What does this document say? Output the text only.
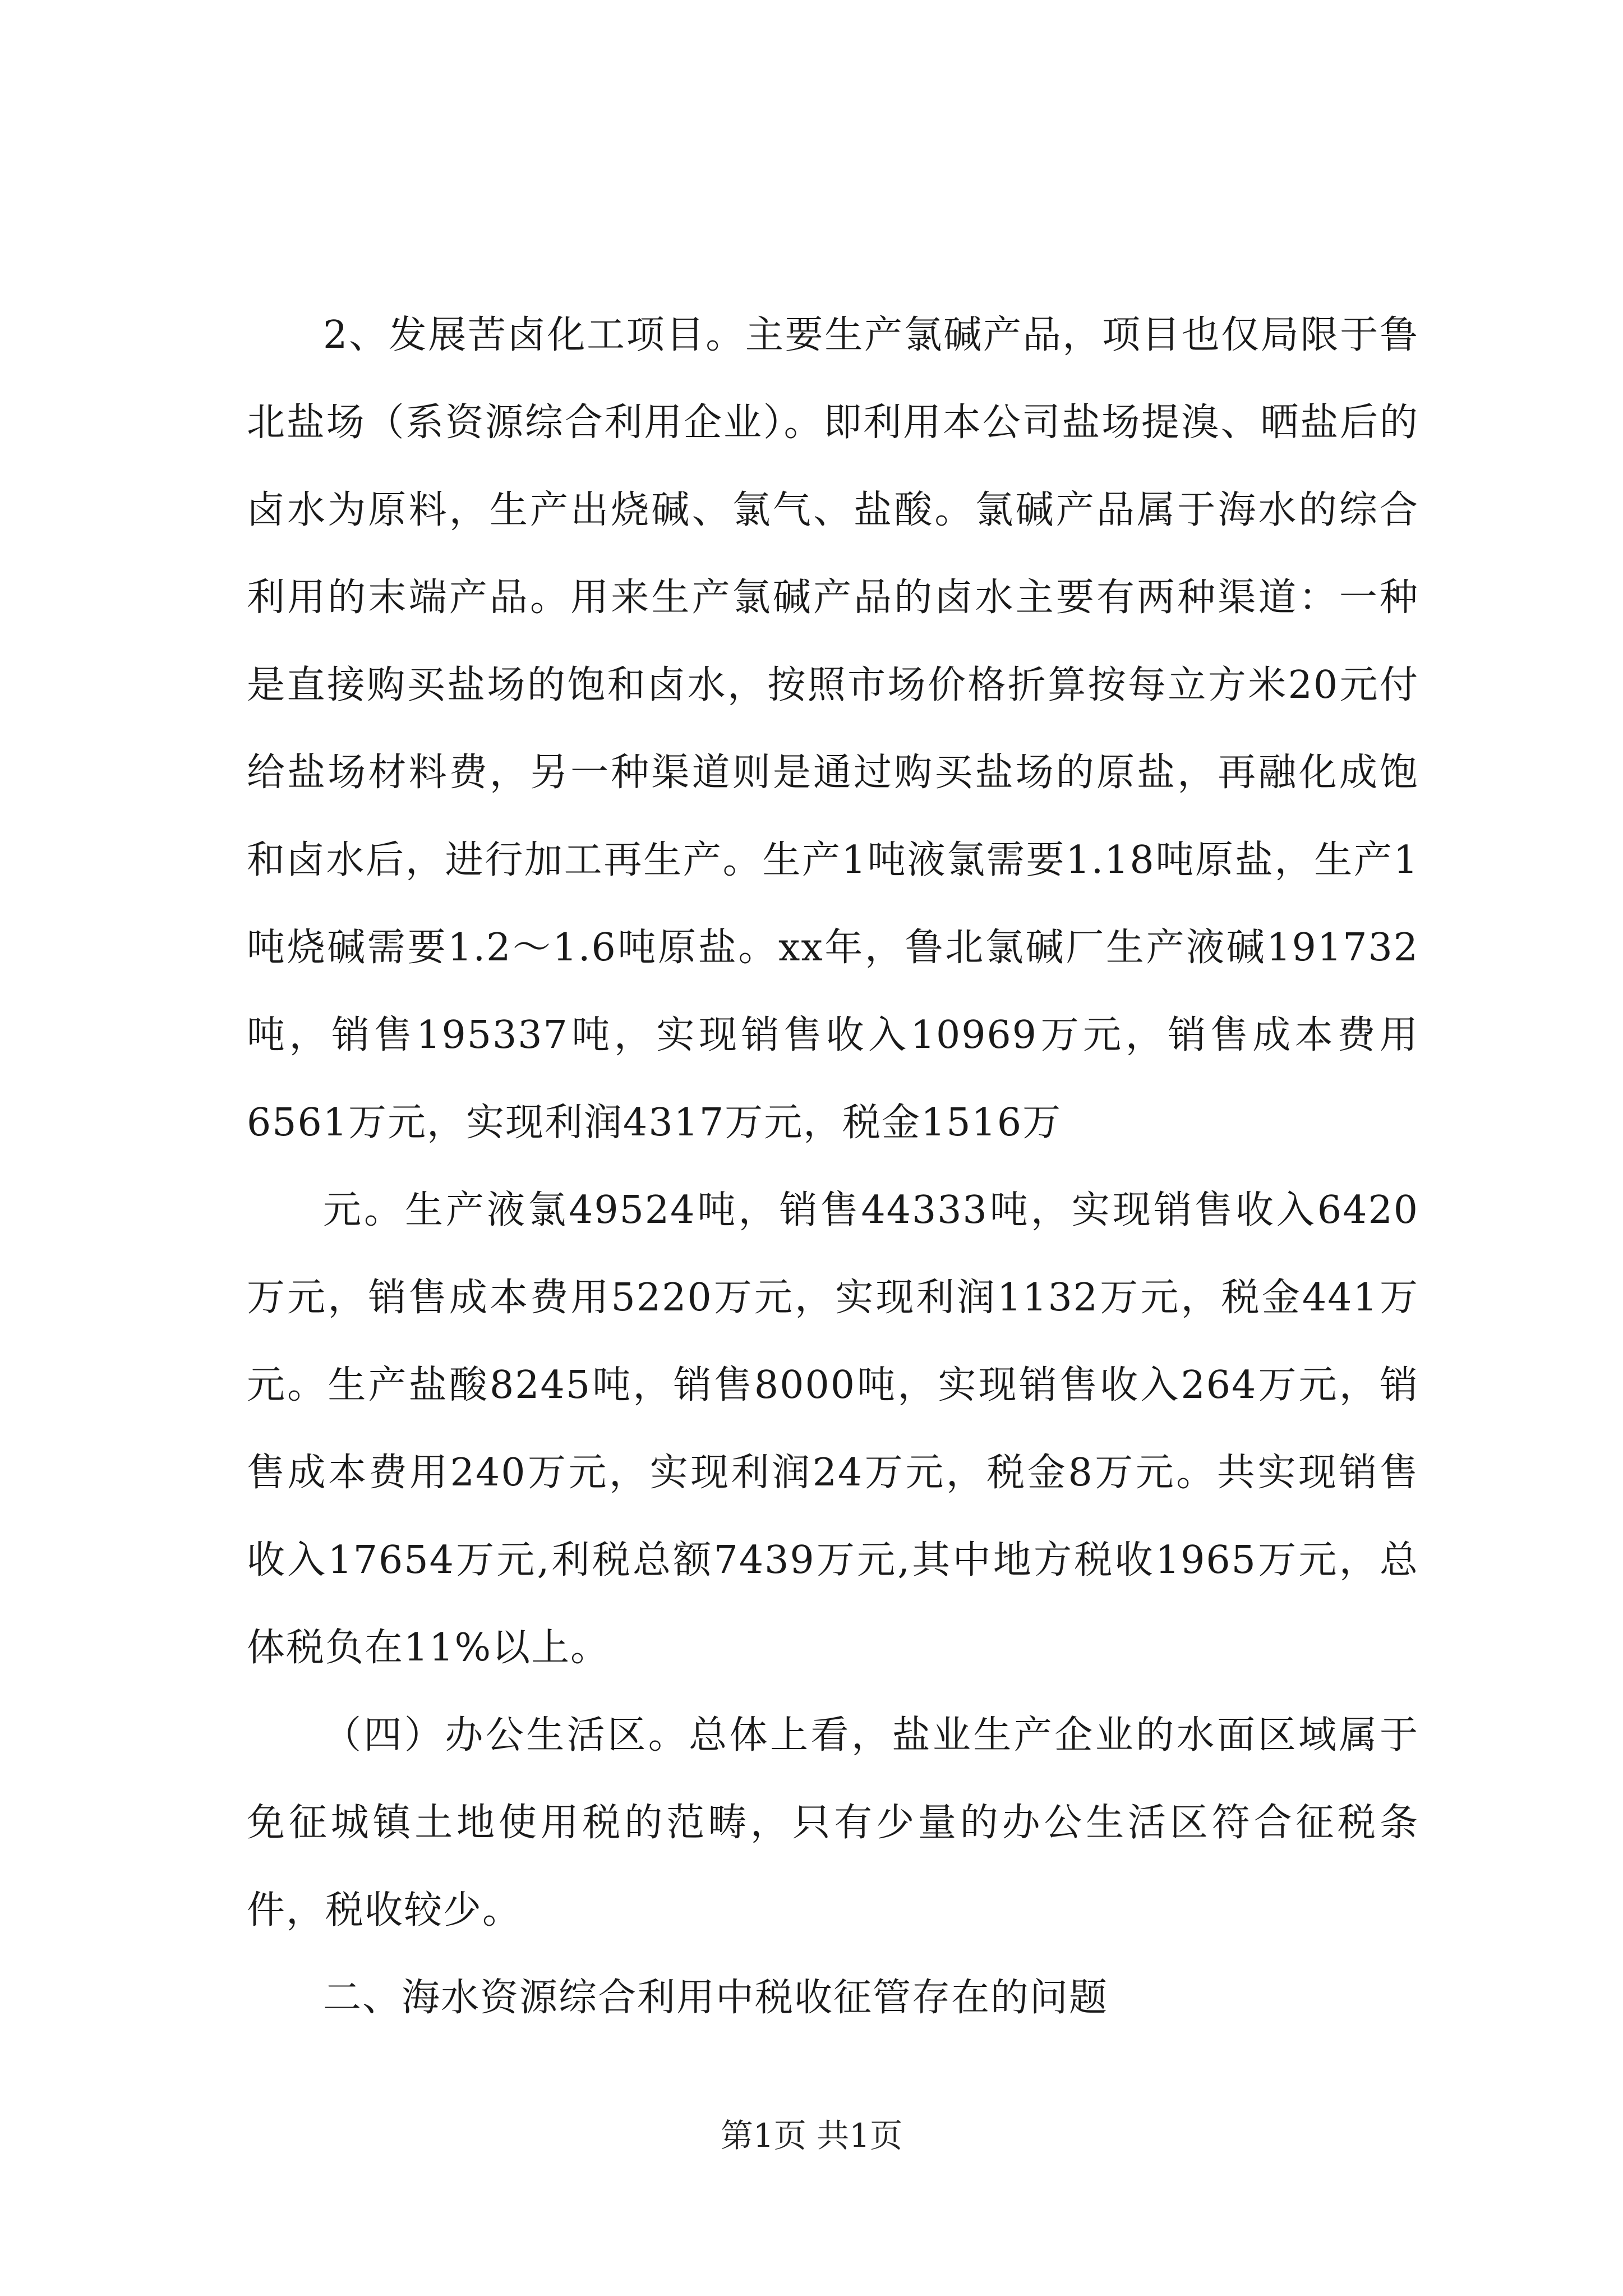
2、发展苦卤化工项目。主要生产氯碱产品，项目也仅局限于鲁北盐场（系资源综合利用企业）。即利用本公司盐场提溴、晒盐后的卤水为原料，生产出烧碱、氯气、盐酸。氯碱产品属于海水的综合利用的末端产品。用来生产氯碱产品的卤水主要有两种渠道：一种是直接购买盐场的饱和卤水，按照市场价格折算按每立方米20元付给盐场材料费，另一种渠道则是通过购买盐场的原盐，再融化成饱和卤水后，进行加工再生产。生产1吨液氯需要1.18吨原盐，生产1吨烧碱需要1.2～1.6吨原盐。xx年，鲁北氯碱厂生产液碱191732吨，销售195337吨，实现销售收入10969万元，销售成本费用6561万元，实现利润4317万元，税金1516万

元。生产液氯49524吨，销售44333吨，实现销售收入6420万元，销售成本费用5220万元，实现利润1132万元，税金441万元。生产盐酸8245吨，销售8000吨，实现销售收入264万元，销售成本费用240万元，实现利润24万元，税金8万元。共实现销售收入17654万元,利税总额7439万元,其中地方税收1965万元，总体税负在11%以上。

（四）办公生活区。总体上看，盐业生产企业的水面区域属于免征城镇土地使用税的范畴，只有少量的办公生活区符合征税条件，税收较少。

二、海水资源综合利用中税收征管存在的问题

第1页 共1页
